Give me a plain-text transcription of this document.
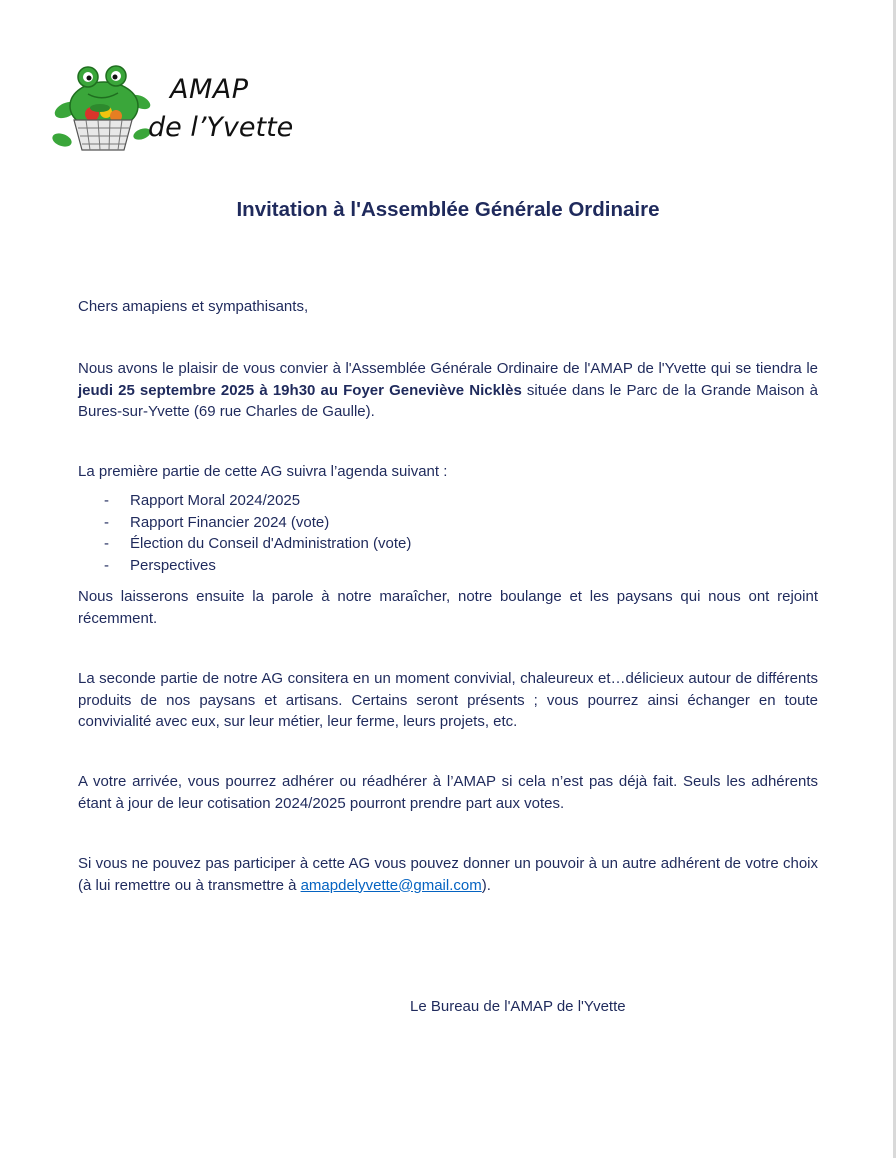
AMAP
de l’Yvette
Invitation à l'Assemblée Générale Ordinaire
Chers amapiens et sympathisants,
Nous avons le plaisir de vous convier à l'Assemblée Générale Ordinaire de l'AMAP de l'Yvette qui se tiendra le jeudi 25 septembre 2025 à 19h30 au Foyer Geneviève Nicklès située dans le Parc de la Grande Maison à Bures-sur-Yvette (69 rue Charles de Gaulle).
La première partie de cette AG suivra l’agenda suivant :
- Rapport Moral 2024/2025
- Rapport Financier 2024 (vote)
- Élection du Conseil d'Administration (vote)
- Perspectives
Nous laisserons ensuite la parole à notre maraîcher, notre boulange et les paysans qui nous ont rejoint récemment.
La seconde partie de notre AG consitera en un moment convivial, chaleureux et…délicieux autour de différents produits de nos paysans et artisans. Certains seront présents ; vous pourrez ainsi échanger en toute convivialité avec eux, sur leur métier, leur ferme, leurs projets, etc.
A votre arrivée, vous pourrez adhérer ou réadhérer à l’AMAP si cela n’est pas déjà fait. Seuls les adhérents étant à jour de leur cotisation 2024/2025 pourront prendre part aux votes.
Si vous ne pouvez pas participer à cette AG vous pouvez donner un pouvoir à un autre adhérent de votre choix (à lui remettre ou à transmettre à amapdelyvette@gmail.com).
Le Bureau de l'AMAP de l'Yvette
